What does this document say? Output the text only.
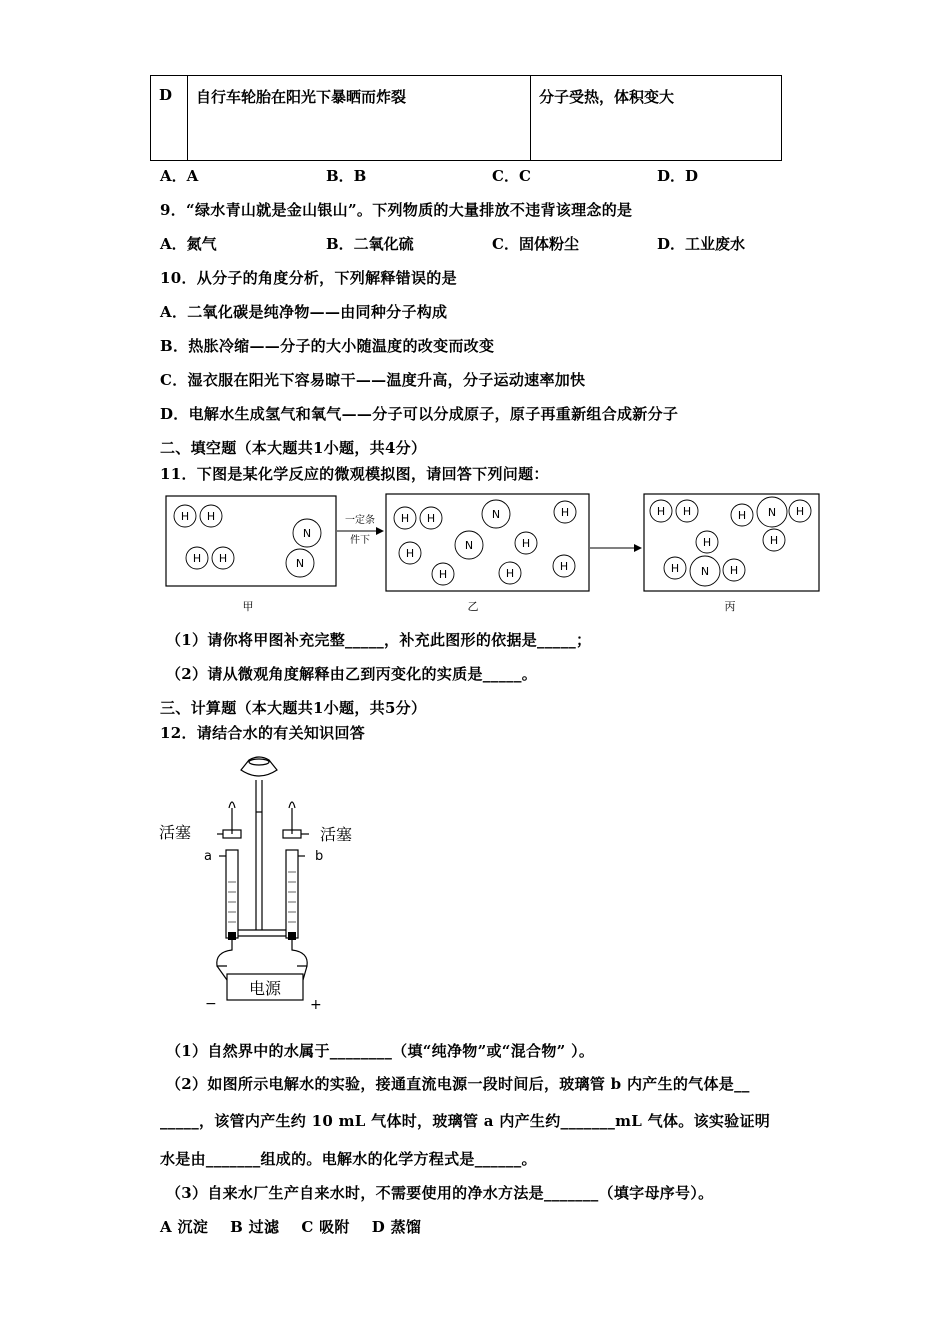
D	自行车轮胎在阳光下暴晒而炸裂	分子受热，体积变大
A．A	B．B	C．C	D．D
9．“绿水青山就是金山银山”。下列物质的大量排放不违背该理念的是
A．氮气	B．二氧化硫	C．固体粉尘	D．工业废水
10．从分子的角度分析，下列解释错误的是
A．二氧化碳是纯净物——由同种分子构成
B．热胀冷缩——分子的大小随温度的改变而改变
C．湿衣服在阳光下容易晾干——温度升高，分子运动速率加快
D．电解水生成氢气和氧气——分子可以分成原子，原子再重新组合成新分子
二、填空题（本大题共1小题，共4分）
11．下图是某化学反应的微观模拟图，请回答下列问题：
一定条
件下
H H
H H
N
N
H H
H
H
H
H
H
H
N
N
H H	H N H
H
H
H N H
甲	乙	丙
（1）请你将甲图补充完整_____，补充此图形的依据是_____；
（2）请从微观角度解释由乙到丙变化的实质是_____。
三、计算题（本大题共1小题，共5分）
12．请结合水的有关知识回答
活塞	活塞
a	b
电源
−	+
（1）自然界中的水属于________（填“纯净物”或“混合物” ）。
（2）如图所示电解水的实验，接通直流电源一段时间后，玻璃管 b 内产生的气体是__
_____，该管内产生约 10 mL 气体时，玻璃管 a 内产生约_______mL 气体。该实验证明
水是由_______组成的。电解水的化学方程式是______。
（3）自来水厂生产自来水时，不需要使用的净水方法是_______（填字母序号）。
A 沉淀    B 过滤    C 吸附    D 蒸馏
